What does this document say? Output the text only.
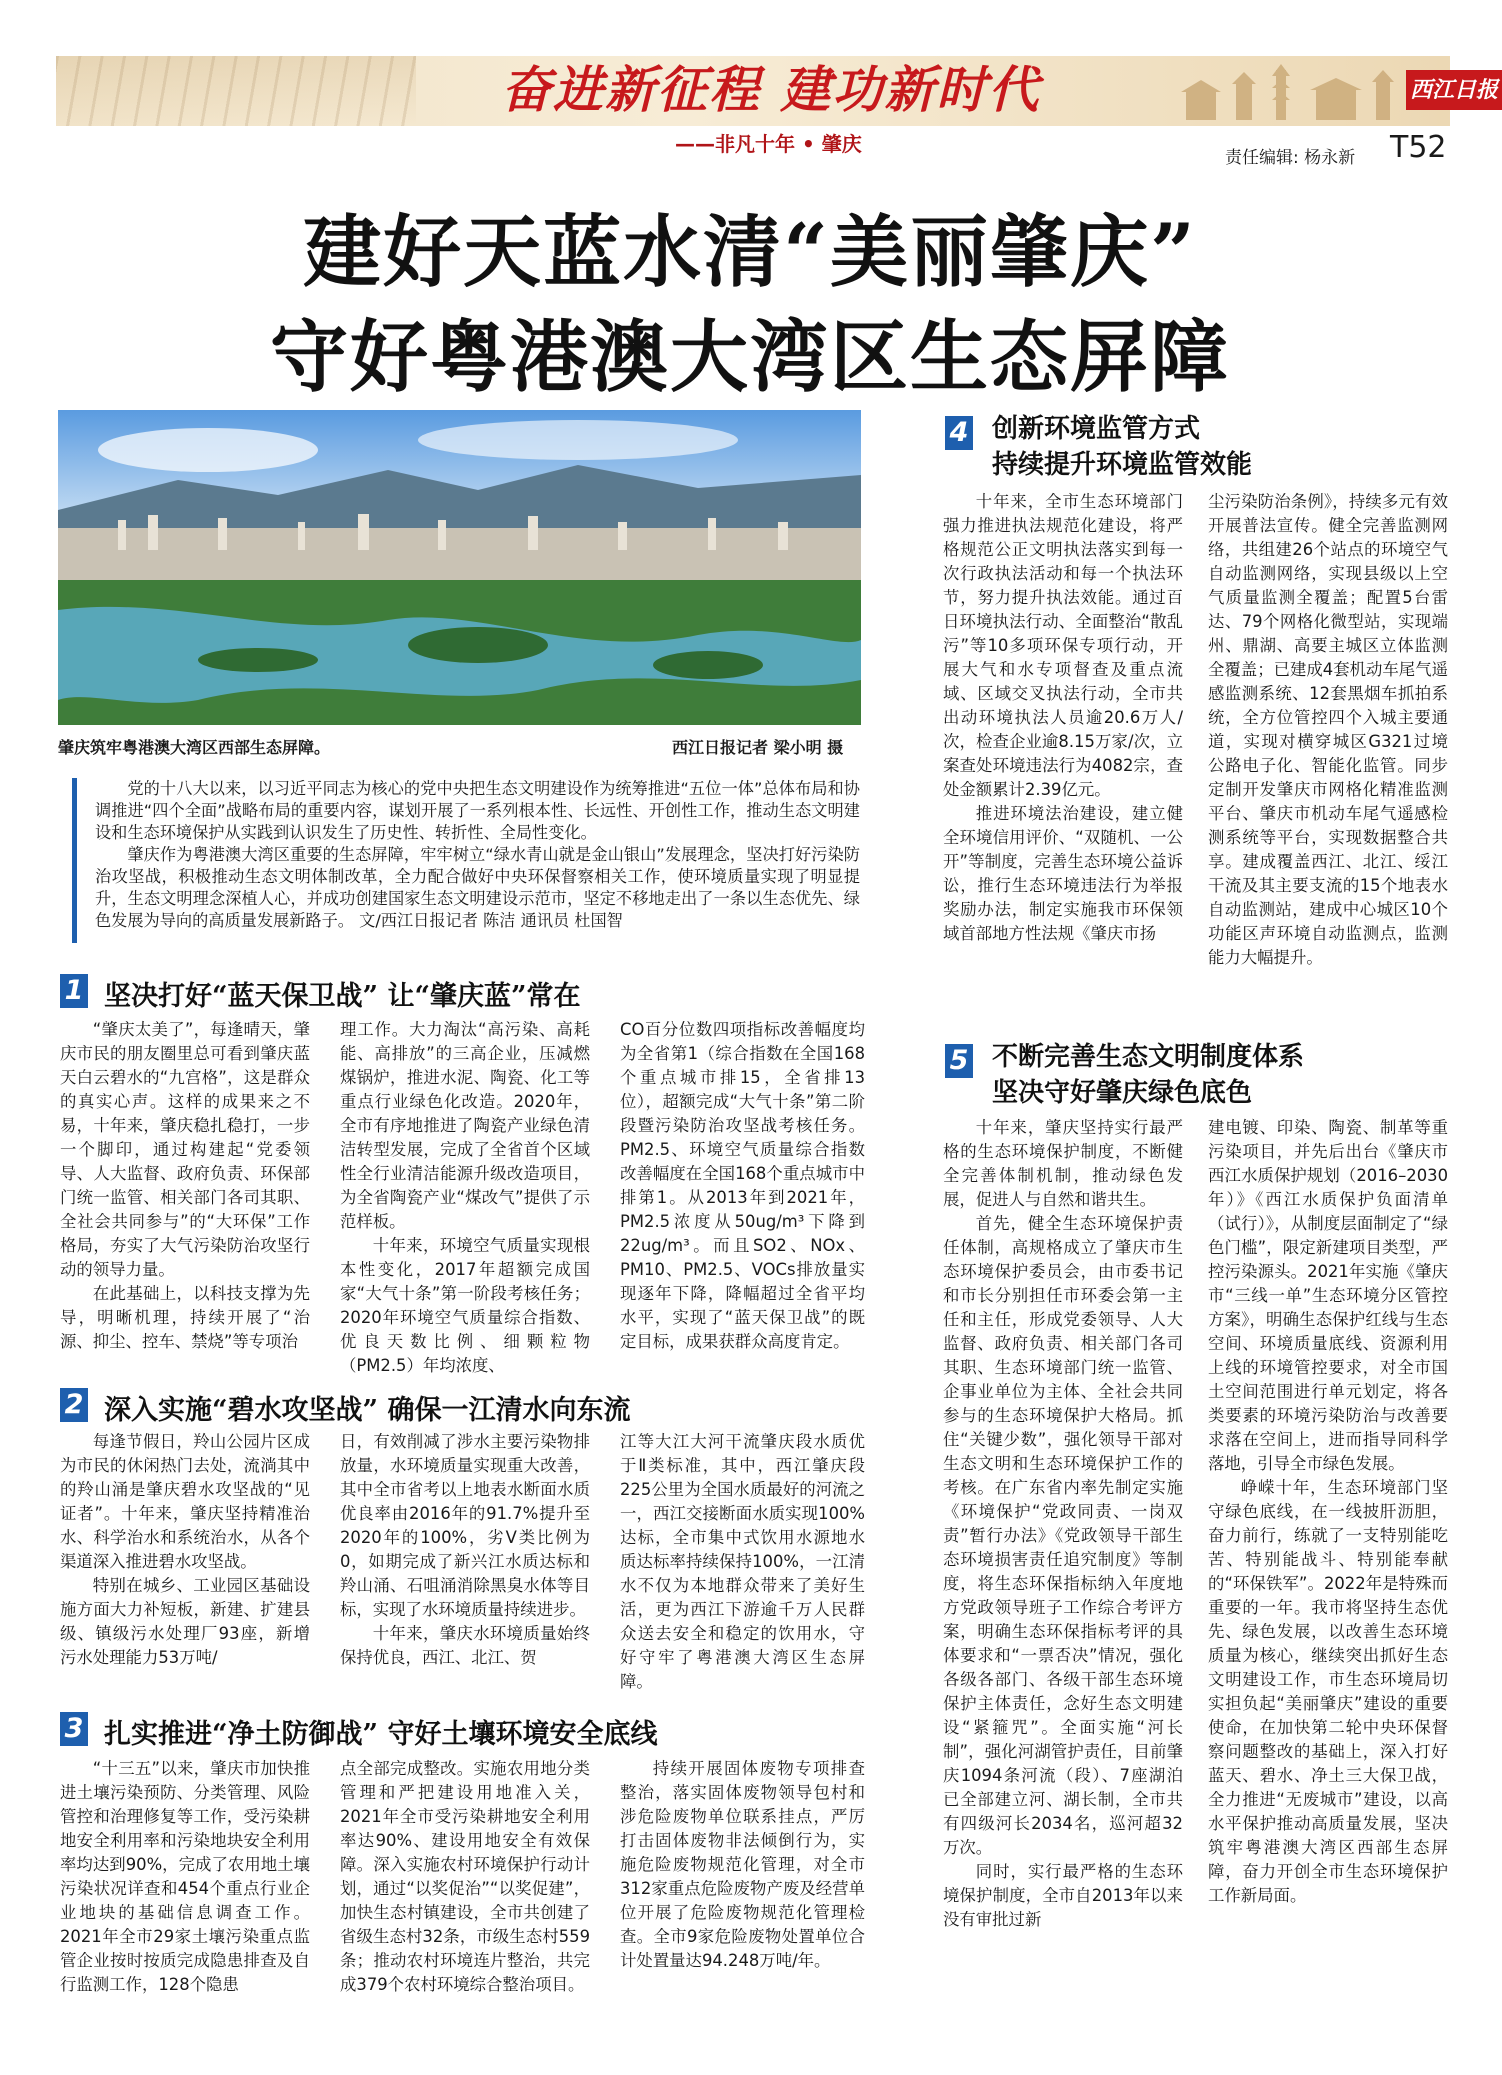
奋进新征程 建功新时代	西江日报
——非凡十年 • 肇庆
责任编辑: 杨永新 T52
建好天蓝水清“美丽肇庆”
守好粤港澳大湾区生态屏障
肇庆筑牢粤港澳大湾区西部生态屏障。	西江日报记者 梁小明 摄

党的十八大以来，以习近平同志为核心的党中央把生态文明建设作为统筹推进“五位一体”总体布局和协调推进“四个全面”战略布局的重要内容，谋划开展了一系列根本性、长远性、开创性工作，推动生态文明建设和生态环境保护从实践到认识发生了历史性、转折性、全局性变化。

肇庆作为粤港澳大湾区重要的生态屏障，牢牢树立“绿水青山就是金山银山”发展理念，坚决打好污染防治攻坚战，积极推动生态文明体制改革，全力配合做好中央环保督察相关工作，使环境质量实现了明显提升，生态文明理念深植人心，并成功创建国家生态文明建设示范市，坚定不移地走出了一条以生态优先、绿色发展为导向的高质量发展新路子。 文/西江日报记者 陈洁 通讯员 杜国智

1 坚决打好“蓝天保卫战” 让“肇庆蓝”常在

“肇庆太美了”，每逢晴天，肇庆市民的朋友圈里总可看到肇庆蓝天白云碧水的“九宫格”，这是群众的真实心声。这样的成果来之不易，十年来，肇庆稳扎稳打，一步一个脚印，通过构建起“党委领导、人大监督、政府负责、环保部门统一监管、相关部门各司其职、全社会共同参与”的“大环保”工作格局，夯实了大气污染防治攻坚行动的领导力量。

在此基础上，以科技支撑为先导，明晰机理，持续开展了“治源、抑尘、控车、禁烧”等专项治

理工作。大力淘汰“高污染、高耗能、高排放”的三高企业，压减燃煤锅炉，推进水泥、陶瓷、化工等重点行业绿色化改造。2020年，全市有序地推进了陶瓷产业绿色清洁转型发展，完成了全省首个区域性全行业清洁能源升级改造项目，为全省陶瓷产业“煤改气”提供了示范样板。

十年来，环境空气质量实现根本性变化，2017年超额完成国家“大气十条”第一阶段考核任务；2020年环境空气质量综合指数、优良天数比例、细颗粒物（PM2.5）年均浓度、

CO百分位数四项指标改善幅度均为全省第1（综合指数在全国168个重点城市排15，全省排13位），超额完成“大气十条”第二阶段暨污染防治攻坚战考核任务。PM2.5、环境空气质量综合指数改善幅度在全国168个重点城市中排第1。从2013年到2021年，PM2.5浓度从50ug/m³下降到22ug/m³。而且SO2、NOx、PM10、PM2.5、VOCs排放量实现逐年下降，降幅超过全省平均水平，实现了“蓝天保卫战”的既定目标，成果获群众高度肯定。

2 深入实施“碧水攻坚战” 确保一江清水向东流

每逢节假日，羚山公园片区成为市民的休闲热门去处，流淌其中的羚山涌是肇庆碧水攻坚战的“见证者”。十年来，肇庆坚持精准治水、科学治水和系统治水，从各个渠道深入推进碧水攻坚战。

特别在城乡、工业园区基础设施方面大力补短板，新建、扩建县级、镇级污水处理厂93座，新增污水处理能力53万吨/

日，有效削减了涉水主要污染物排放量，水环境质量实现重大改善，其中全市省考以上地表水断面水质优良率由2016年的91.7%提升至2020年的100%，劣V类比例为0，如期完成了新兴江水质达标和羚山涌、石咀涌消除黑臭水体等目标，实现了水环境质量持续进步。

十年来，肇庆水环境质量始终保持优良，西江、北江、贺

江等大江大河干流肇庆段水质优于Ⅱ类标准，其中，西江肇庆段225公里为全国水质最好的河流之一，西江交接断面水质实现100%达标，全市集中式饮用水源地水质达标率持续保持100%，一江清水不仅为本地群众带来了美好生活，更为西江下游逾千万人民群众送去安全和稳定的饮用水，守好守牢了粤港澳大湾区生态屏障。

3 扎实推进“净土防御战” 守好土壤环境安全底线

“十三五”以来，肇庆市加快推进土壤污染预防、分类管理、风险管控和治理修复等工作，受污染耕地安全利用率和污染地块安全利用率均达到90%，完成了农用地土壤污染状况详查和454个重点行业企业地块的基础信息调查工作。2021年全市29家土壤污染重点监管企业按时按质完成隐患排查及自行监测工作，128个隐患

点全部完成整改。实施农用地分类管理和严把建设用地准入关，2021年全市受污染耕地安全利用率达90%、建设用地安全有效保障。深入实施农村环境保护行动计划，通过“以奖促治”“以奖促建”，加快生态村镇建设，全市共创建了省级生态村32条，市级生态村559条；推动农村环境连片整治，共完成379个农村环境综合整治项目。

持续开展固体废物专项排查整治，落实固体废物领导包村和涉危险废物单位联系挂点，严厉打击固体废物非法倾倒行为，实施危险废物规范化管理，对全市312家重点危险废物产废及经营单位开展了危险废物规范化管理检查。全市9家危险废物处置单位合计处置量达94.248万吨/年。

4 创新环境监管方式
持续提升环境监管效能

十年来，全市生态环境部门强力推进执法规范化建设，将严格规范公正文明执法落实到每一次行政执法活动和每一个执法环节，努力提升执法效能。通过百日环境执法行动、全面整治“散乱污”等10多项环保专项行动，开展大气和水专项督查及重点流域、区域交叉执法行动，全市共出动环境执法人员逾20.6万人/次，检查企业逾8.15万家/次，立案查处环境违法行为4082宗，查处金额累计2.39亿元。

推进环境法治建设，建立健全环境信用评价、“双随机、一公开”等制度，完善生态环境公益诉讼，推行生态环境违法行为举报奖励办法，制定实施我市环保领域首部地方性法规《肇庆市扬

尘污染防治条例》，持续多元有效开展普法宣传。健全完善监测网络，共组建26个站点的环境空气自动监测网络，实现县级以上空气质量监测全覆盖；配置5台雷达、79个网格化微型站，实现端州、鼎湖、高要主城区立体监测全覆盖；已建成4套机动车尾气遥感监测系统、12套黑烟车抓拍系统，全方位管控四个入城主要通道，实现对横穿城区G321过境公路电子化、智能化监管。同步定制开发肇庆市网格化精准监测平台、肇庆市机动车尾气遥感检测系统等平台，实现数据整合共享。建成覆盖西江、北江、绥江干流及其主要支流的15个地表水自动监测站，建成中心城区10个功能区声环境自动监测点，监测能力大幅提升。

5 不断完善生态文明制度体系
坚决守好肇庆绿色底色

十年来，肇庆坚持实行最严格的生态环境保护制度，不断健全完善体制机制，推动绿色发展，促进人与自然和谐共生。

首先，健全生态环境保护责任体制，高规格成立了肇庆市生态环境保护委员会，由市委书记和市长分别担任市环委会第一主任和主任，形成党委领导、人大监督、政府负责、相关部门各司其职、生态环境部门统一监管、企事业单位为主体、全社会共同参与的生态环境保护大格局。抓住“关键少数”，强化领导干部对生态文明和生态环境保护工作的考核。在广东省内率先制定实施《环境保护“党政同责、一岗双责”暂行办法》《党政领导干部生态环境损害责任追究制度》等制度，将生态环保指标纳入年度地方党政领导班子工作综合考评方案，明确生态环保指标考评的具体要求和“一票否决”情况，强化各级各部门、各级干部生态环境保护主体责任，念好生态文明建设“紧箍咒”。全面实施“河长制”，强化河湖管护责任，目前肇庆1094条河流（段）、7座湖泊已全部建立河、湖长制，全市共有四级河长2034名，巡河超32万次。

同时，实行最严格的生态环境保护制度，全市自2013年以来没有审批过新

建电镀、印染、陶瓷、制革等重污染项目，并先后出台《肇庆市西江水质保护规划（2016–2030年）》《西江水质保护负面清单（试行）》，从制度层面制定了“绿色门槛”，限定新建项目类型，严控污染源头。2021年实施《肇庆市“三线一单”生态环境分区管控方案》，明确生态保护红线与生态空间、环境质量底线、资源利用上线的环境管控要求，对全市国土空间范围进行单元划定，将各类要素的环境污染防治与改善要求落在空间上，进而指导同科学落地，引导全市绿色发展。

峥嵘十年，生态环境部门坚守绿色底线，在一线披肝沥胆，奋力前行，练就了一支特别能吃苦、特别能战斗、特别能奉献的“环保铁军”。2022年是特殊而重要的一年。我市将坚持生态优先、绿色发展，以改善生态环境质量为核心，继续突出抓好生态文明建设工作，市生态环境局切实担负起“美丽肇庆”建设的重要使命，在加快第二轮中央环保督察问题整改的基础上，深入打好蓝天、碧水、净土三大保卫战，全力推进“无废城市”建设，以高水平保护推动高质量发展，坚决筑牢粤港澳大湾区西部生态屏障，奋力开创全市生态环境保护工作新局面。
